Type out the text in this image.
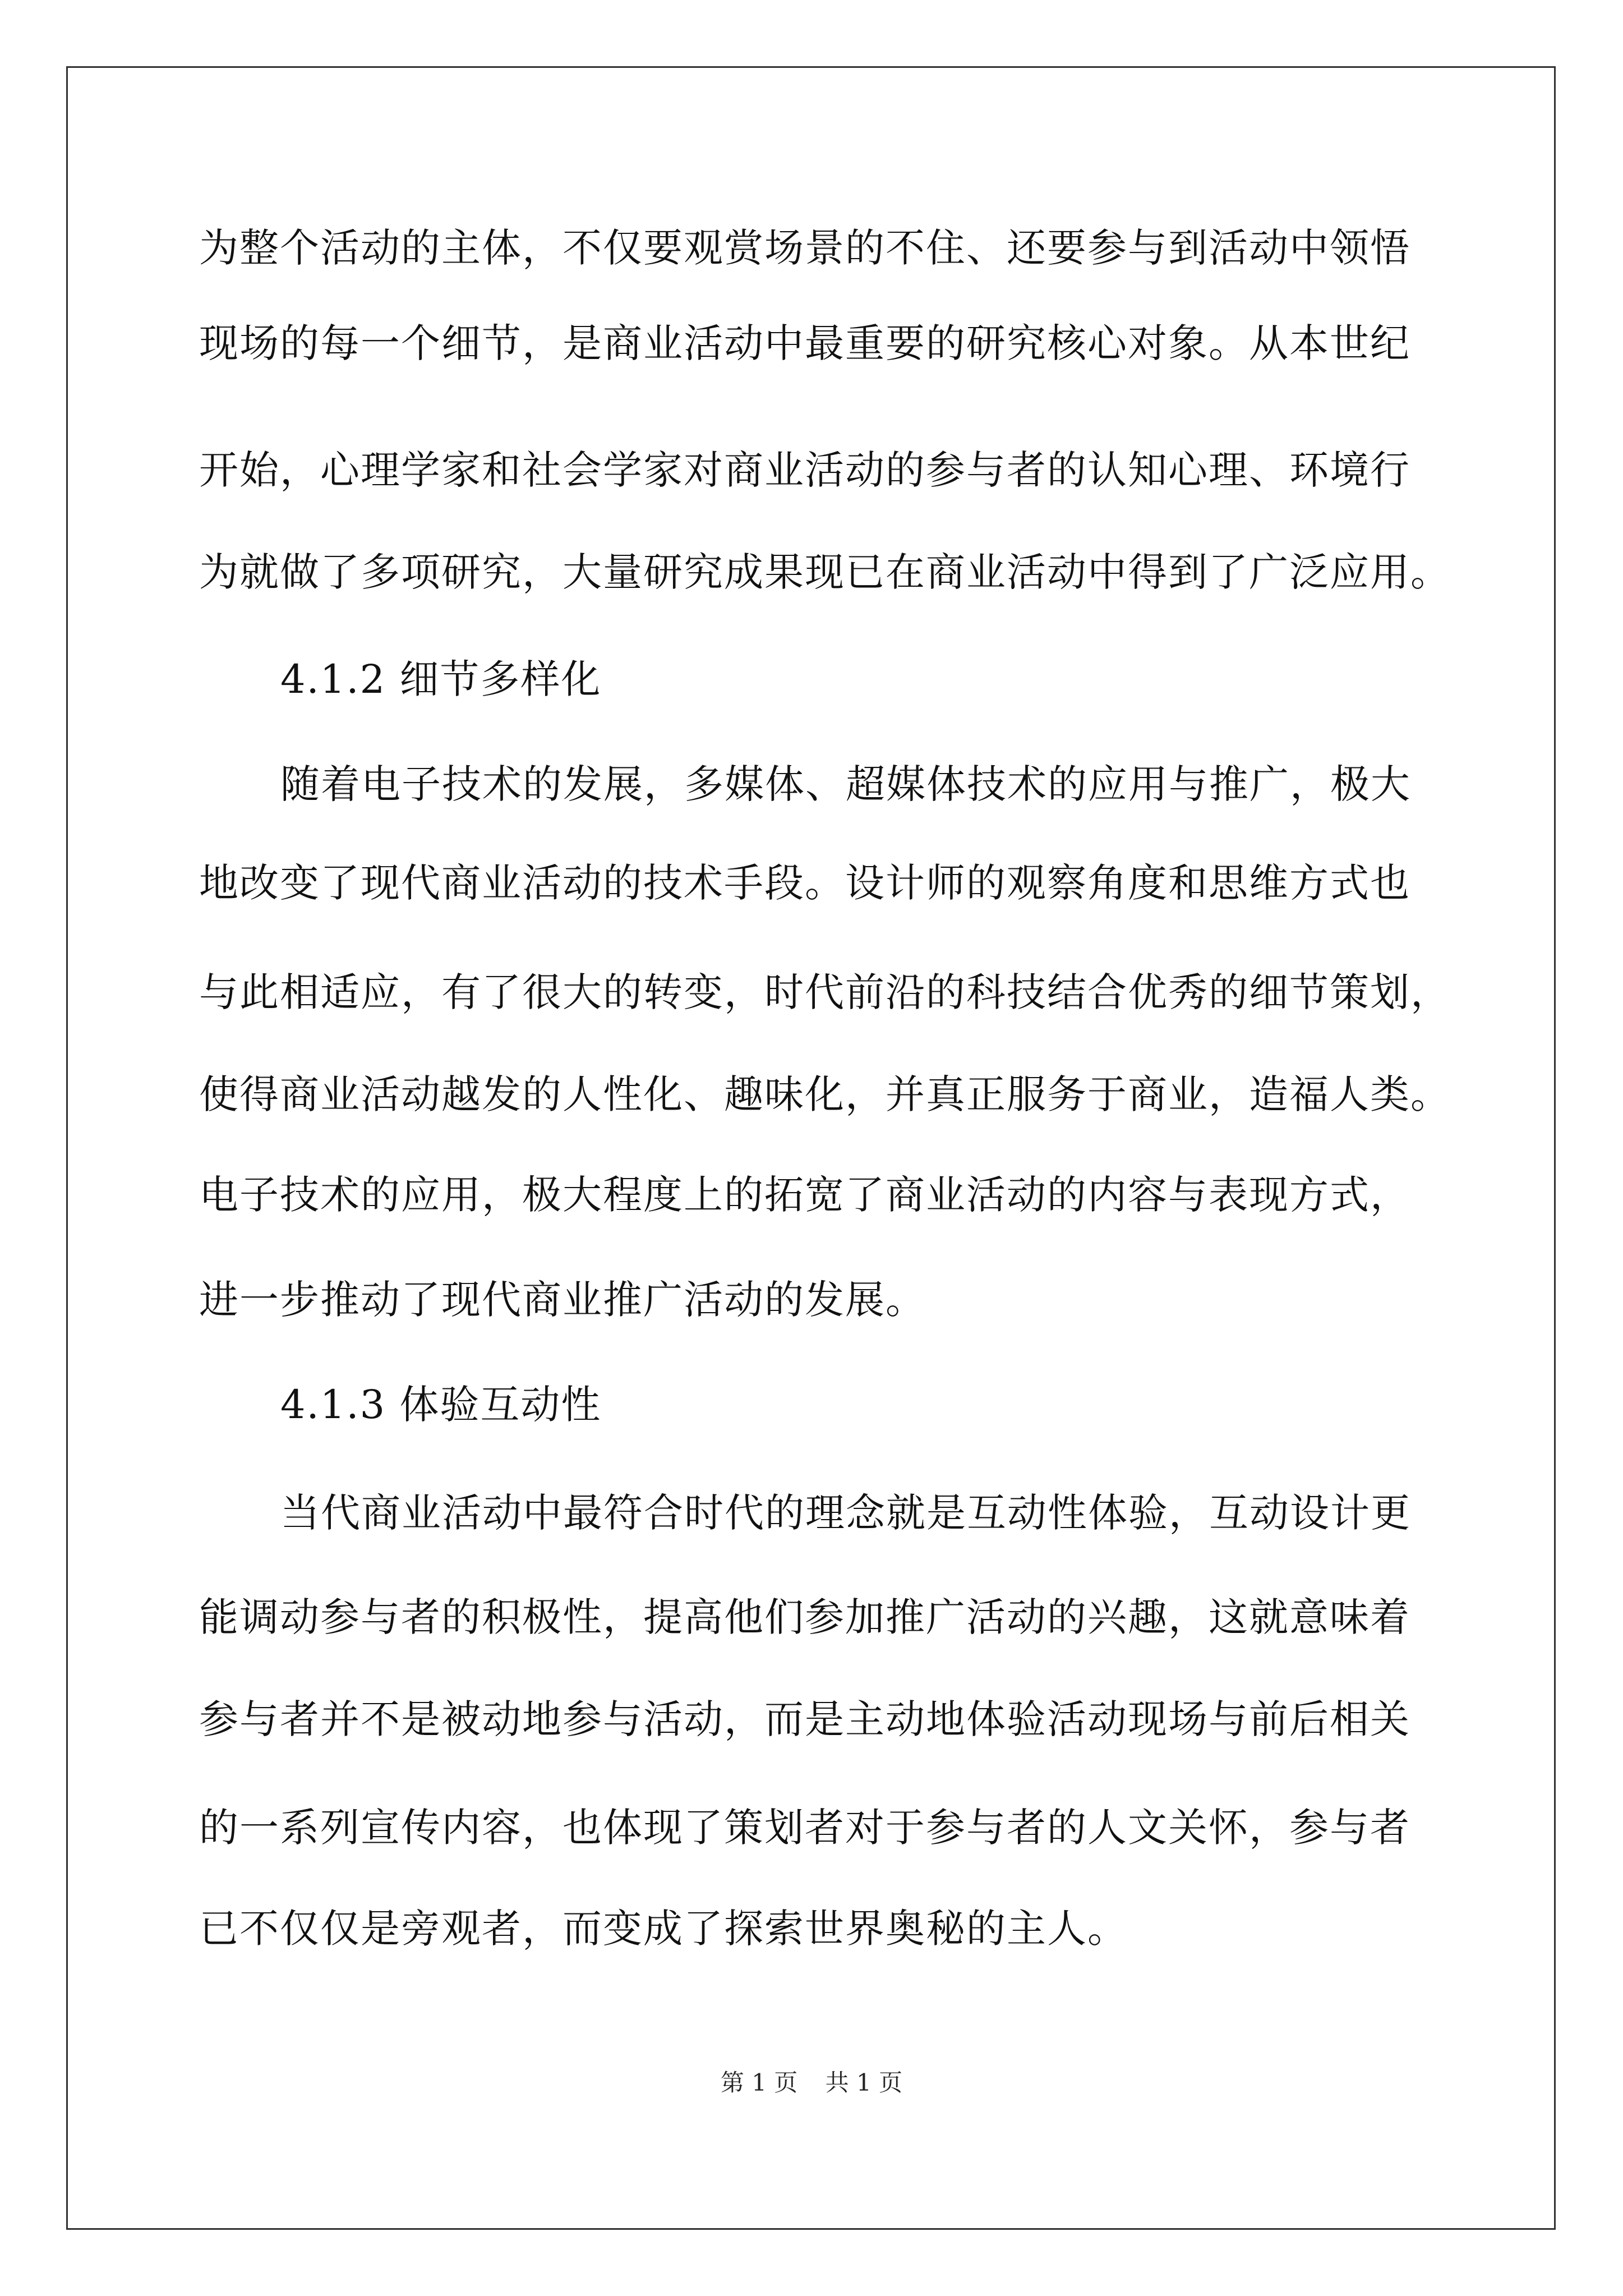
为整个活动的主体，不仅要观赏场景的不住、还要参与到活动中领悟
现场的每一个细节，是商业活动中最重要的研究核心对象。从本世纪
开始，心理学家和社会学家对商业活动的参与者的认知心理、环境行
为就做了多项研究，大量研究成果现已在商业活动中得到了广泛应用。
4.1.2 细节多样化
随着电子技术的发展，多媒体、超媒体技术的应用与推广，极大
地改变了现代商业活动的技术手段。设计师的观察角度和思维方式也
与此相适应，有了很大的转变，时代前沿的科技结合优秀的细节策划，
使得商业活动越发的人性化、趣味化，并真正服务于商业，造福人类。
电子技术的应用，极大程度上的拓宽了商业活动的内容与表现方式，
进一步推动了现代商业推广活动的发展。
4.1.3 体验互动性
当代商业活动中最符合时代的理念就是互动性体验，互动设计更
能调动参与者的积极性，提高他们参加推广活动的兴趣，这就意味着
参与者并不是被动地参与活动，而是主动地体验活动现场与前后相关
的一系列宣传内容，也体现了策划者对于参与者的人文关怀，参与者
已不仅仅是旁观者，而变成了探索世界奥秘的主人。
第 1 页 共 1 页
